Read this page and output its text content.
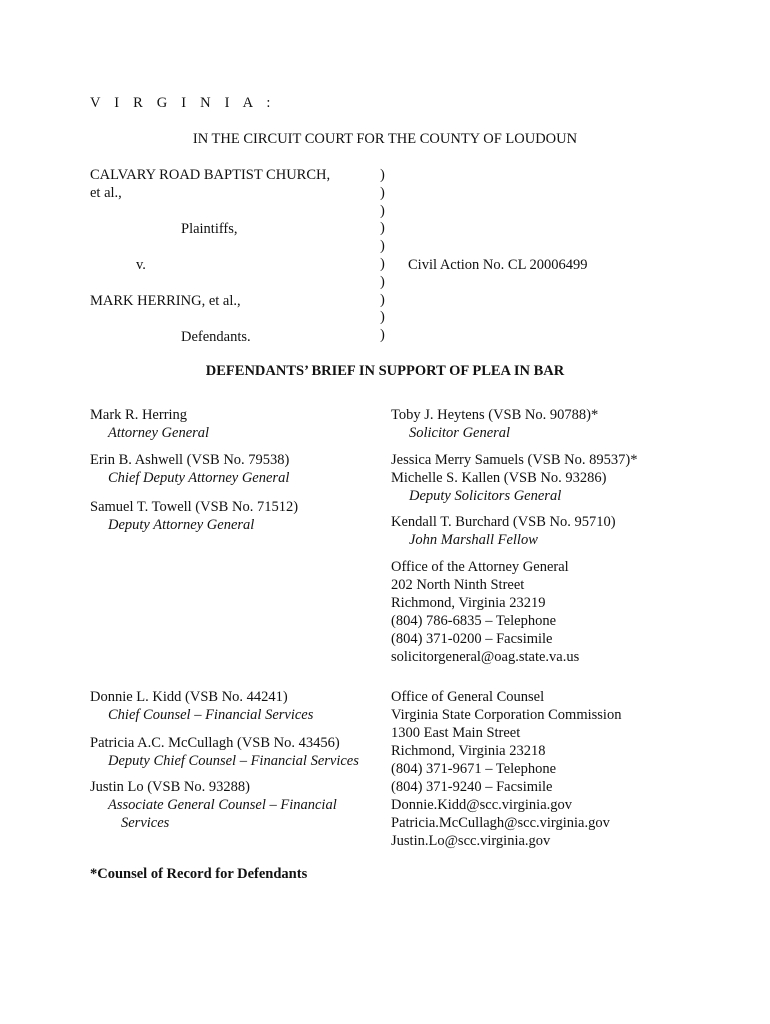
V I R G I N I A :
IN THE CIRCUIT COURT FOR THE COUNTY OF LOUDOUN
CALVARY ROAD BAPTIST CHURCH,
et al.,
Plaintiffs,
v.
MARK HERRING, et al.,
Defendants.
)
)
)
)
)
)
)
)
)
)
Civil Action No. CL 20006499
DEFENDANTS’ BRIEF IN SUPPORT OF PLEA IN BAR
Mark R. Herring
Attorney General
Erin B. Ashwell (VSB No. 79538)
Chief Deputy Attorney General
Samuel T. Towell (VSB No. 71512)
Deputy Attorney General
Toby J. Heytens (VSB No. 90788)*
Solicitor General
Jessica Merry Samuels (VSB No. 89537)*
Michelle S. Kallen (VSB No. 93286)
Deputy Solicitors General
Kendall T. Burchard (VSB No. 95710)
John Marshall Fellow
Office of the Attorney General
202 North Ninth Street
Richmond, Virginia 23219
(804) 786-6835 – Telephone
(804) 371-0200 – Facsimile
solicitorgeneral@oag.state.va.us
Donnie L. Kidd (VSB No. 44241)
Chief Counsel – Financial Services
Patricia A.C. McCullagh (VSB No. 43456)
Deputy Chief Counsel – Financial Services
Justin Lo (VSB No. 93288)
Associate General Counsel – Financial
Services
Office of General Counsel
Virginia State Corporation Commission
1300 East Main Street
Richmond, Virginia 23218
(804) 371-9671 – Telephone
(804) 371-9240 – Facsimile
Donnie.Kidd@scc.virginia.gov
Patricia.McCullagh@scc.virginia.gov
Justin.Lo@scc.virginia.gov
*Counsel of Record for Defendants
